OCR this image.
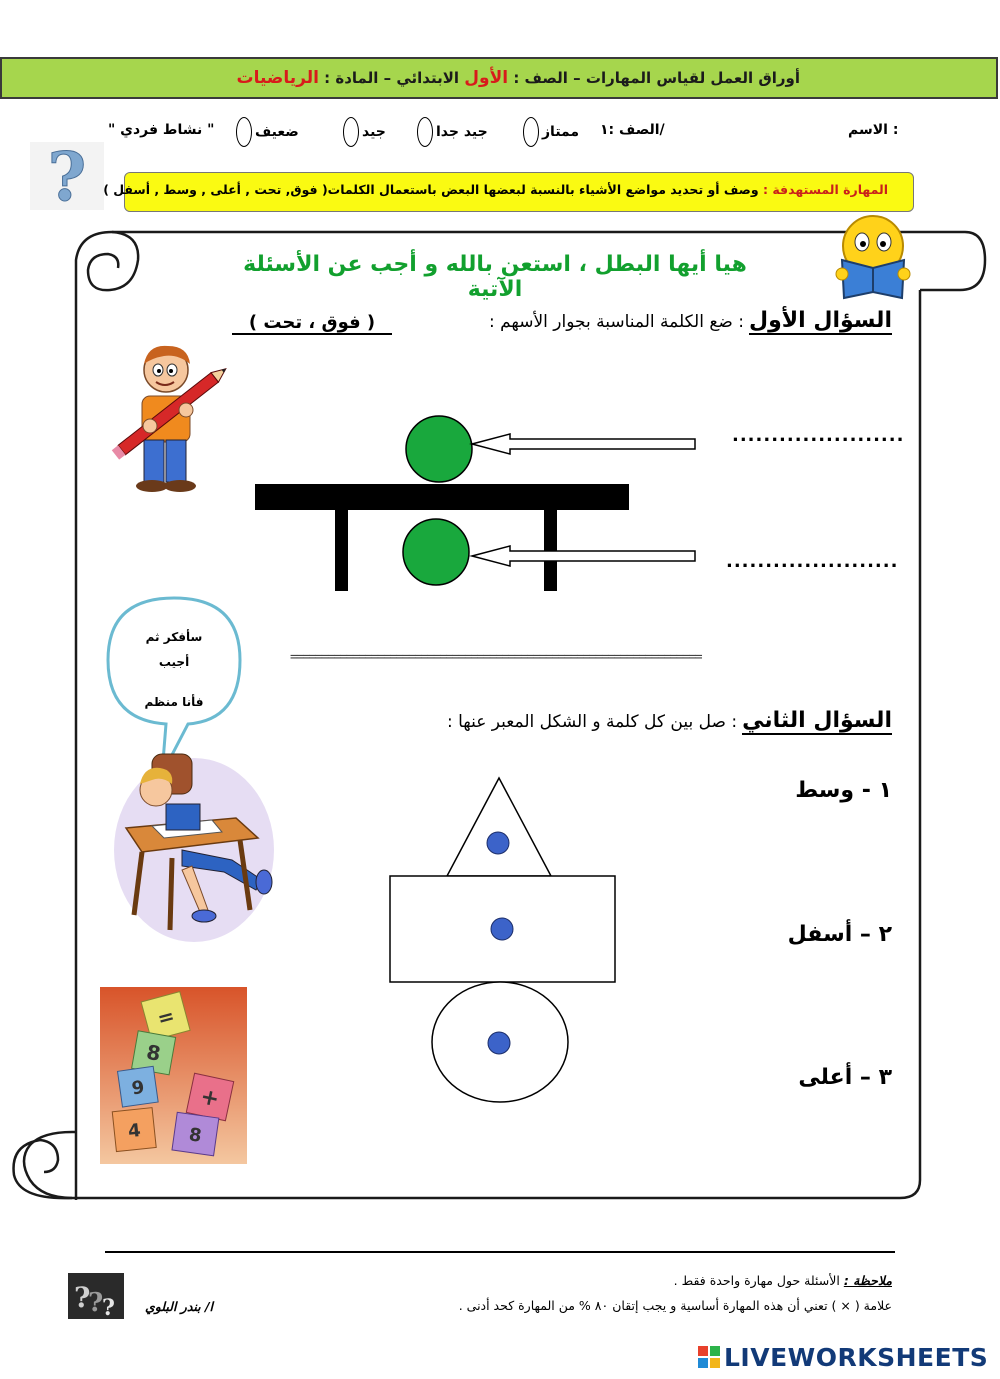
أوراق العمل لقياس المهارات – الصف : الأول الابتدائي – المادة : الرياضيات
الاسم :
الصف :١/
ممتاز
جيد جدا
جيد
ضعيف
" نشاط فردي "
?	المهارة المستهدفة : وصف أو تحديد مواضع الأشياء بالنسبة لبعضها البعض باستعمال الكلمات( فوق, تحت , أعلى , وسط , أسفل )
هيا أيها البطل ، استعن بالله و أجب عن الأسئلة الآتية
السؤال الأول : ضع الكلمة المناسبة بجوار الأسهم :
( فوق ، تحت )
......................
......................
==================================================================
سأفكر ثم
أجيب
فأنا منظم
=
8
9 +
4	8
السؤال الثاني : صل بين كل كلمة و الشكل المعبر عنها :
١ - وسط
٢ – أسفل
٣ – أعلى
ملاحظة : الأسئلة حول مهارة واحدة فقط .
علامة ( × ) تعني أن هذه المهارة أساسية و يجب إتقان ٨٠ % من المهارة كحد أدنى .
ا/ بندر البلوي
?
?
?
LIVEWORKSHEETS
